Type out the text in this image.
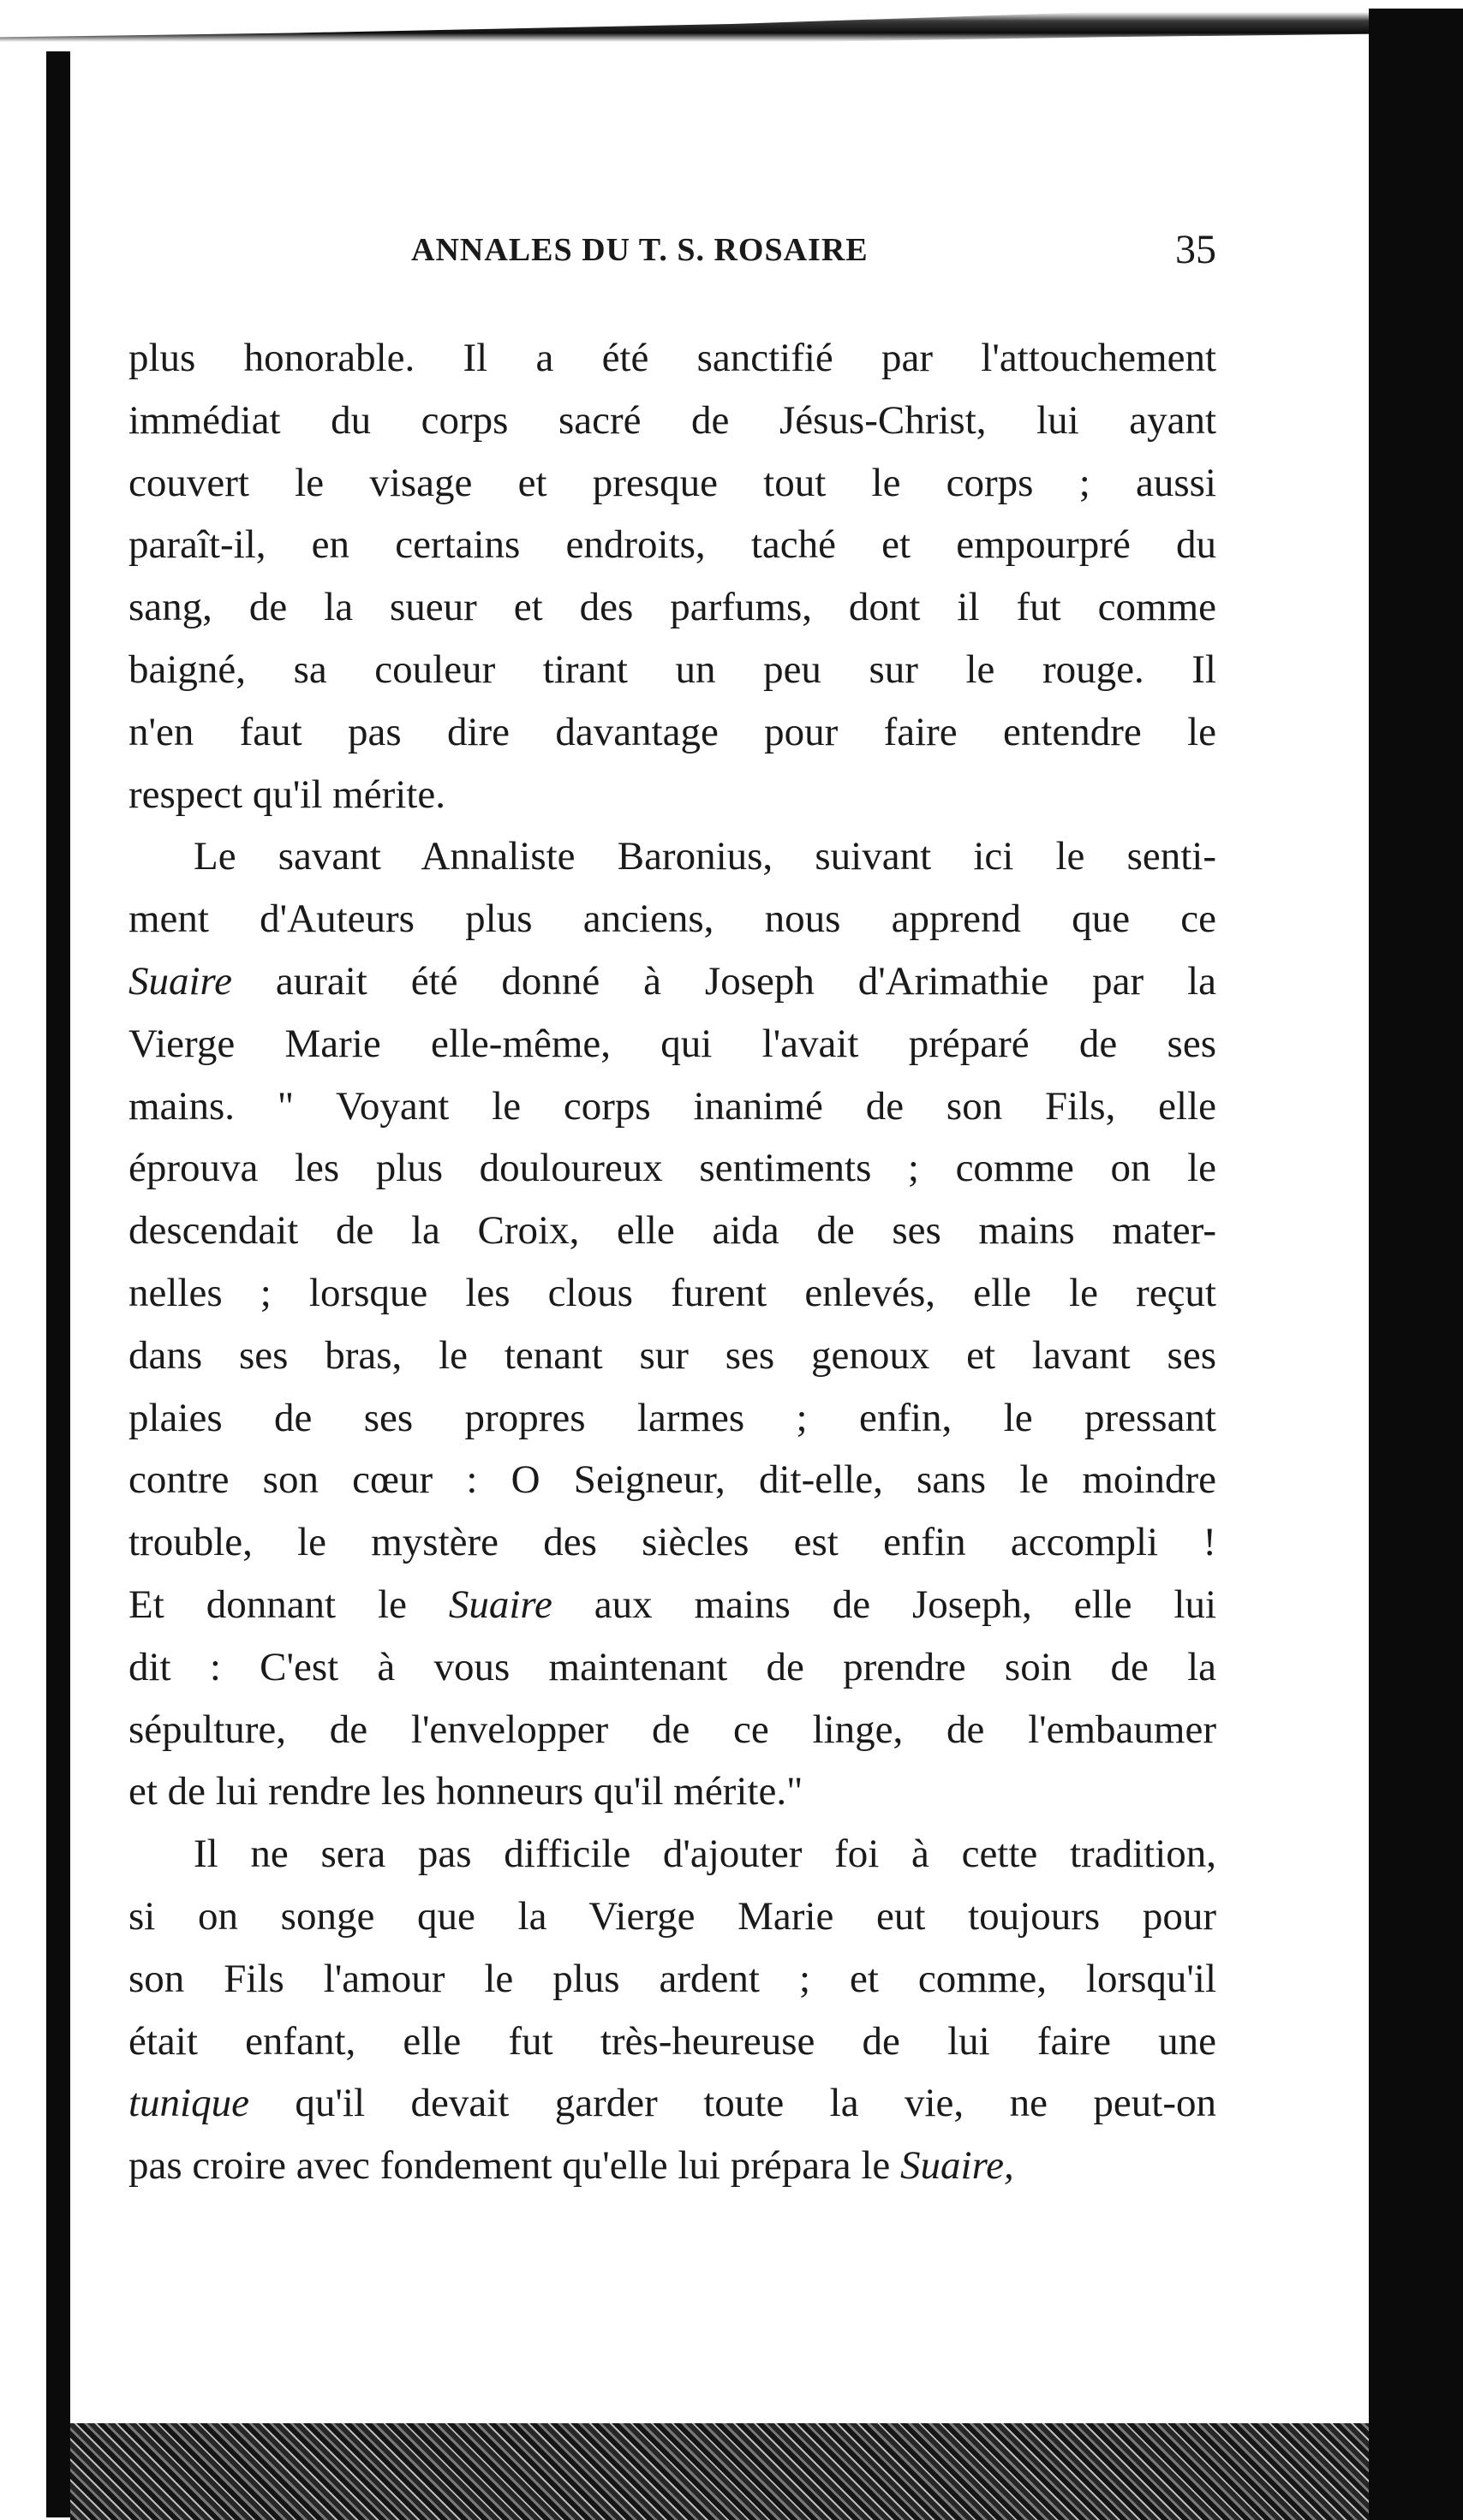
ANNALES DU T. S. ROSAIRE	35
plus honorable. Il a été sanctifié par l'attouchement
immédiat du corps sacré de Jésus-Christ, lui ayant
couvert le visage et presque tout le corps ; aussi
paraît-il, en certains endroits, taché et empourpré du
sang, de la sueur et des parfums, dont il fut comme
baigné, sa couleur tirant un peu sur le rouge. Il
n'en faut pas dire davantage pour faire entendre le
respect qu'il mérite.
Le savant Annaliste Baronius, suivant ici le senti-
ment d'Auteurs plus anciens, nous apprend que ce
Suaire aurait été donné à Joseph d'Arimathie par la
Vierge Marie elle-même, qui l'avait préparé de ses
mains. " Voyant le corps inanimé de son Fils, elle
éprouva les plus douloureux sentiments ; comme on le
descendait de la Croix, elle aida de ses mains mater-
nelles ; lorsque les clous furent enlevés, elle le reçut
dans ses bras, le tenant sur ses genoux et lavant ses
plaies de ses propres larmes ; enfin, le pressant
contre son cœur : O Seigneur, dit-elle, sans le moindre
trouble, le mystère des siècles est enfin accompli !
Et donnant le Suaire aux mains de Joseph, elle lui
dit : C'est à vous maintenant de prendre soin de la
sépulture, de l'envelopper de ce linge, de l'embaumer
et de lui rendre les honneurs qu'il mérite."
Il ne sera pas difficile d'ajouter foi à cette tradition,
si on songe que la Vierge Marie eut toujours pour
son Fils l'amour le plus ardent ; et comme, lorsqu'il
était enfant, elle fut très-heureuse de lui faire une
tunique qu'il devait garder toute la vie, ne peut-on
pas croire avec fondement qu'elle lui prépara le Suaire,
